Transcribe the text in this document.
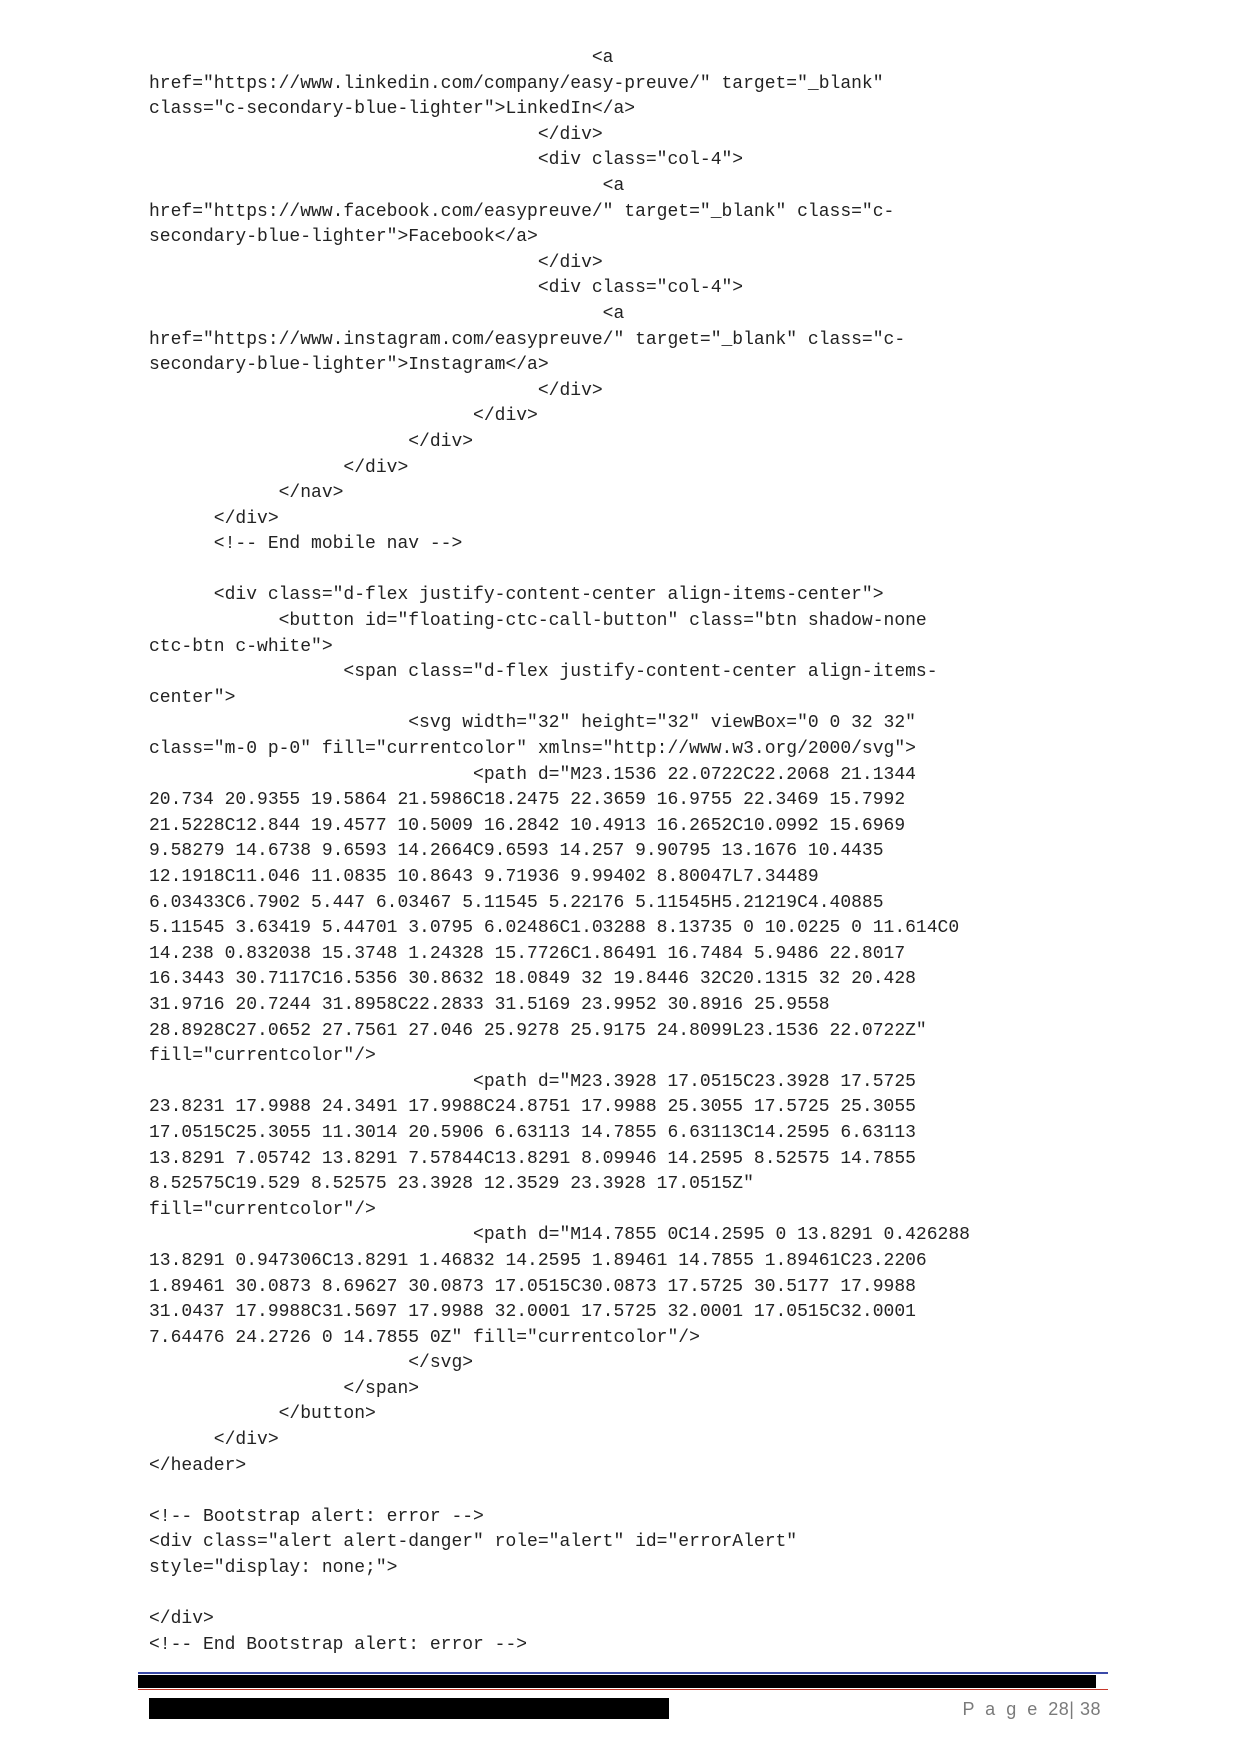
<a
href="https://www.linkedin.com/company/easy-preuve/" target="_blank"
class="c-secondary-blue-lighter">LinkedIn</a>
</div>
<div class="col-4">
<a
href="https://www.facebook.com/easypreuve/" target="_blank" class="c-
secondary-blue-lighter">Facebook</a>
</div>
<div class="col-4">
<a
href="https://www.instagram.com/easypreuve/" target="_blank" class="c-
secondary-blue-lighter">Instagram</a>
</div>
</div>
</div>
</div>
</nav>
</div>
<!-- End mobile nav -->
<div class="d-flex justify-content-center align-items-center">
<button id="floating-ctc-call-button" class="btn shadow-none
ctc-btn c-white">
<span class="d-flex justify-content-center align-items-
center">
<svg width="32" height="32" viewBox="0 0 32 32"
class="m-0 p-0" fill="currentcolor" xmlns="http://www.w3.org/2000/svg">
<path d="M23.1536 22.0722C22.2068 21.1344
20.734 20.9355 19.5864 21.5986C18.2475 22.3659 16.9755 22.3469 15.7992
21.5228C12.844 19.4577 10.5009 16.2842 10.4913 16.2652C10.0992 15.6969
9.58279 14.6738 9.6593 14.2664C9.6593 14.257 9.90795 13.1676 10.4435
12.1918C11.046 11.0835 10.8643 9.71936 9.99402 8.80047L7.34489
6.03433C6.7902 5.447 6.03467 5.11545 5.22176 5.11545H5.21219C4.40885
5.11545 3.63419 5.44701 3.0795 6.02486C1.03288 8.13735 0 10.0225 0 11.614C0
14.238 0.832038 15.3748 1.24328 15.7726C1.86491 16.7484 5.9486 22.8017
16.3443 30.7117C16.5356 30.8632 18.0849 32 19.8446 32C20.1315 32 20.428
31.9716 20.7244 31.8958C22.2833 31.5169 23.9952 30.8916 25.9558
28.8928C27.0652 27.7561 27.046 25.9278 25.9175 24.8099L23.1536 22.0722Z"
fill="currentcolor"/>
<path d="M23.3928 17.0515C23.3928 17.5725
23.8231 17.9988 24.3491 17.9988C24.8751 17.9988 25.3055 17.5725 25.3055
17.0515C25.3055 11.3014 20.5906 6.63113 14.7855 6.63113C14.2595 6.63113
13.8291 7.05742 13.8291 7.57844C13.8291 8.09946 14.2595 8.52575 14.7855
8.52575C19.529 8.52575 23.3928 12.3529 23.3928 17.0515Z"
fill="currentcolor"/>
<path d="M14.7855 0C14.2595 0 13.8291 0.426288
13.8291 0.947306C13.8291 1.46832 14.2595 1.89461 14.7855 1.89461C23.2206
1.89461 30.0873 8.69627 30.0873 17.0515C30.0873 17.5725 30.5177 17.9988
31.0437 17.9988C31.5697 17.9988 32.0001 17.5725 32.0001 17.0515C32.0001
7.64476 24.2726 0 14.7855 0Z" fill="currentcolor"/>
</svg>
</span>
</button>
</div>
</header>
<!-- Bootstrap alert: error -->
<div class="alert alert-danger" role="alert" id="errorAlert"
style="display: none;">
</div>
<!-- End Bootstrap alert: error -->
P a g e 28| 38
